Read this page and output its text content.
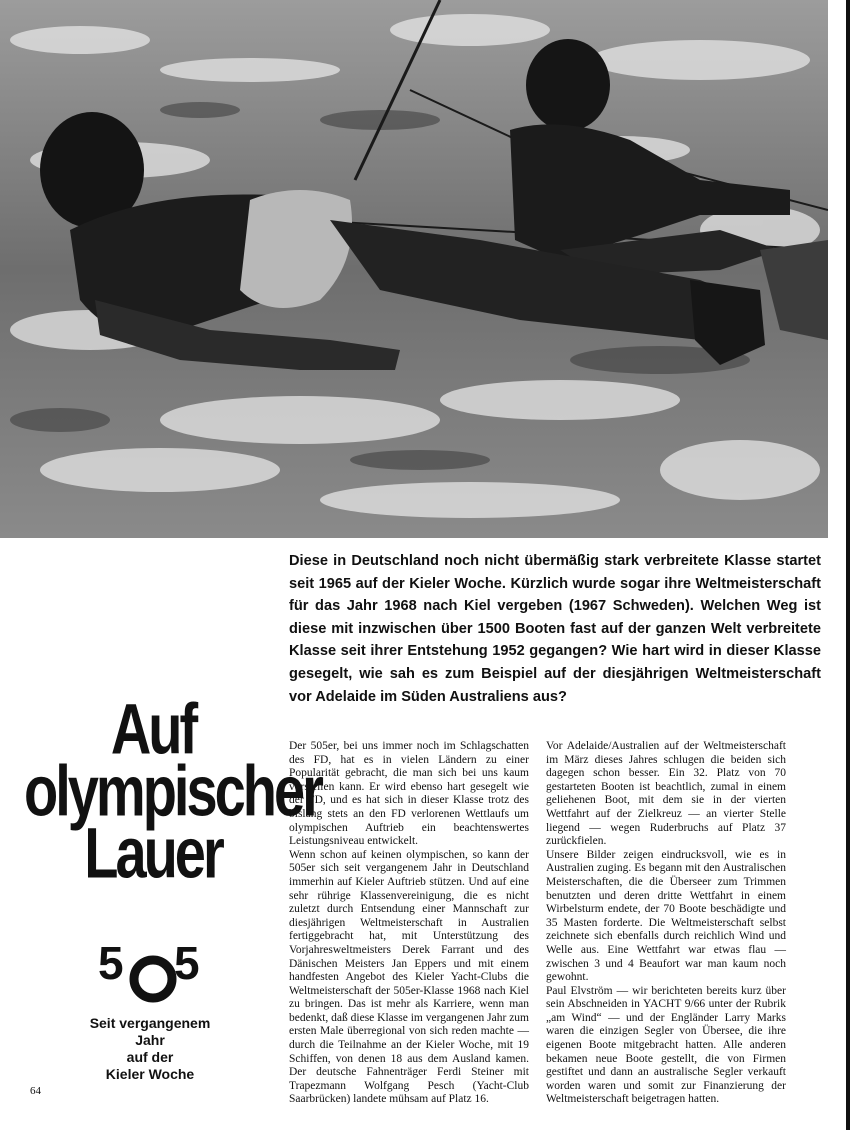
Diese in Deutschland noch nicht übermäßig stark verbreitete Klasse startet seit 1965 auf der Kieler Woche. Kürzlich wurde sogar ihre Weltmeisterschaft für das Jahr 1968 nach Kiel vergeben (1967 Schweden). Welchen Weg ist diese mit inzwischen über 1500 Booten fast auf der ganzen Welt verbreitete Klasse seit ihrer Entstehung 1952 gegangen? Wie hart wird in dieser Klasse gesegelt, wie sah es zum Beispiel auf der diesjährigen Weltmeisterschaft vor Adelaide im Süden Australiens aus?

Auf
olympischer
Lauer
5 5

Seit vergangenem
Jahr
auf der
Kieler Woche

Der 505er, bei uns immer noch im Schlagschatten des FD, hat es in vielen Ländern zu einer Popularität gebracht, die man sich bei uns kaum vorstellen kann. Er wird ebenso hart gesegelt wie der FD, und es hat sich in dieser Klasse trotz des bislang stets an den FD verlorenen Wettlaufs um olympischen Auftrieb ein beachtenswertes Leistungsniveau entwickelt.

Wenn schon auf keinen olympischen, so kann der 505er sich seit vergangenem Jahr in Deutschland immerhin auf Kieler Auftrieb stützen. Und auf eine sehr rührige Klassenvereinigung, die es nicht zuletzt durch Entsendung einer Mannschaft zur diesjährigen Weltmeisterschaft in Australien fertiggebracht hat, mit Unterstützung des Vorjahresweltmeisters Derek Farrant und des Dänischen Meisters Jan Eppers und mit einem handfesten Angebot des Kieler Yacht-Clubs die Weltmeisterschaft der 505er-Klasse 1968 nach Kiel zu bringen. Das ist mehr als Karriere, wenn man bedenkt, daß diese Klasse im vergangenen Jahr zum ersten Male überregional von sich reden machte — durch die Teilnahme an der Kieler Woche, mit 19 Schiffen, von denen 18 aus dem Ausland kamen. Der deutsche Fahnenträger Ferdi Steiner mit Trapezmann Wolfgang Pesch (Yacht-Club Saarbrücken) landete mühsam auf Platz 16.

Vor Adelaide/Australien auf der Weltmeisterschaft im März dieses Jahres schlugen die beiden sich dagegen schon besser. Ein 32. Platz von 70 gestarteten Booten ist beachtlich, zumal in einem geliehenen Boot, mit dem sie in der vierten Wettfahrt auf der Zielkreuz — an vierter Stelle liegend — wegen Ruderbruchs auf Platz 37 zurückfielen.

Unsere Bilder zeigen eindrucksvoll, wie es in Australien zuging. Es begann mit den Australischen Meisterschaften, die die Überseer zum Trimmen benutzten und deren dritte Wettfahrt in einem Wirbelsturm endete, der 70 Boote beschädigte und 35 Masten forderte. Die Weltmeisterschaft selbst zeichnete sich ebenfalls durch reichlich Wind und Welle aus. Eine Wettfahrt war etwas flau — zwischen 3 und 4 Beaufort war man kaum noch gewohnt.

Paul Elvström — wir berichteten bereits kurz über sein Abschneiden in YACHT 9/66 unter der Rubrik „am Wind“ — und der Engländer Larry Marks waren die einzigen Segler von Übersee, die ihre eigenen Boote mitgebracht hatten. Alle anderen bekamen neue Boote gestellt, die von Firmen gestiftet und dann an australische Segler verkauft worden waren und somit zur Finanzierung der Weltmeisterschaft beigetragen hatten.

64
